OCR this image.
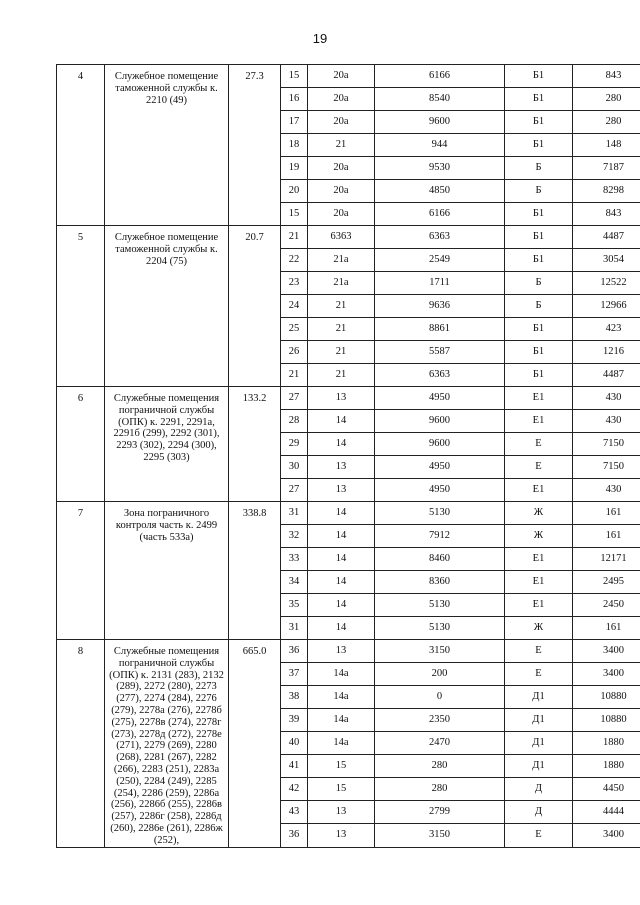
19
4	Служебное помещение таможенной службы к. 2210 (49)	27.3	15	20а	6166	Б1	843
			16	20а	8540	Б1	280
			17	20а	9600	Б1	280
			18	21	944	Б1	148
			19	20а	9530	Б	7187
			20	20а	4850	Б	8298
			15	20а	6166	Б1	843
5	Служебное помещение таможенной службы к. 2204 (75)	20.7	21	6363	6363	Б1	4487
			22	21а	2549	Б1	3054
			23	21а	1711	Б	12522
			24	21	9636	Б	12966
			25	21	8861	Б1	423
			26	21	5587	Б1	1216
			21	21	6363	Б1	4487
6	Служебные помещения пограничной службы (ОПК) к. 2291, 2291а, 2291б (299), 2292 (301), 2293 (302), 2294 (300), 2295 (303)	133.2	27	13	4950	Е1	430
			28	14	9600	Е1	430
			29	14	9600	Е	7150
			30	13	4950	Е	7150
			27	13	4950	Е1	430
7	Зона пограничного контроля часть к. 2499 (часть 533а)	338.8	31	14	5130	Ж	161
			32	14	7912	Ж	161
			33	14	8460	Е1	12171
			34	14	8360	Е1	2495
			35	14	5130	Е1	2450
			31	14	5130	Ж	161
8	Служебные помещения пограничной службы (ОПК) к. 2131 (283), 2132 (289), 2272 (280), 2273 (277), 2274 (284), 2276 (279), 2278а (276), 2278б (275), 2278в (274), 2278г (273), 2278д (272), 2278е (271), 2279 (269), 2280 (268), 2281 (267), 2282 (266), 2283 (251), 2283а (250), 2284 (249), 2285 (254), 2286 (259), 2286а (256), 2286б (255), 2286в (257), 2286г (258), 2286д (260), 2286е (261), 2286ж (252),	665.0	36	13	3150	Е	3400
			37	14а	200	Е	3400
			38	14а	0	Д1	10880
			39	14а	2350	Д1	10880
			40	14а	2470	Д1	1880
			41	15	280	Д1	1880
			42	15	280	Д	4450
			43	13	2799	Д	4444
			36	13	3150	Е	3400
